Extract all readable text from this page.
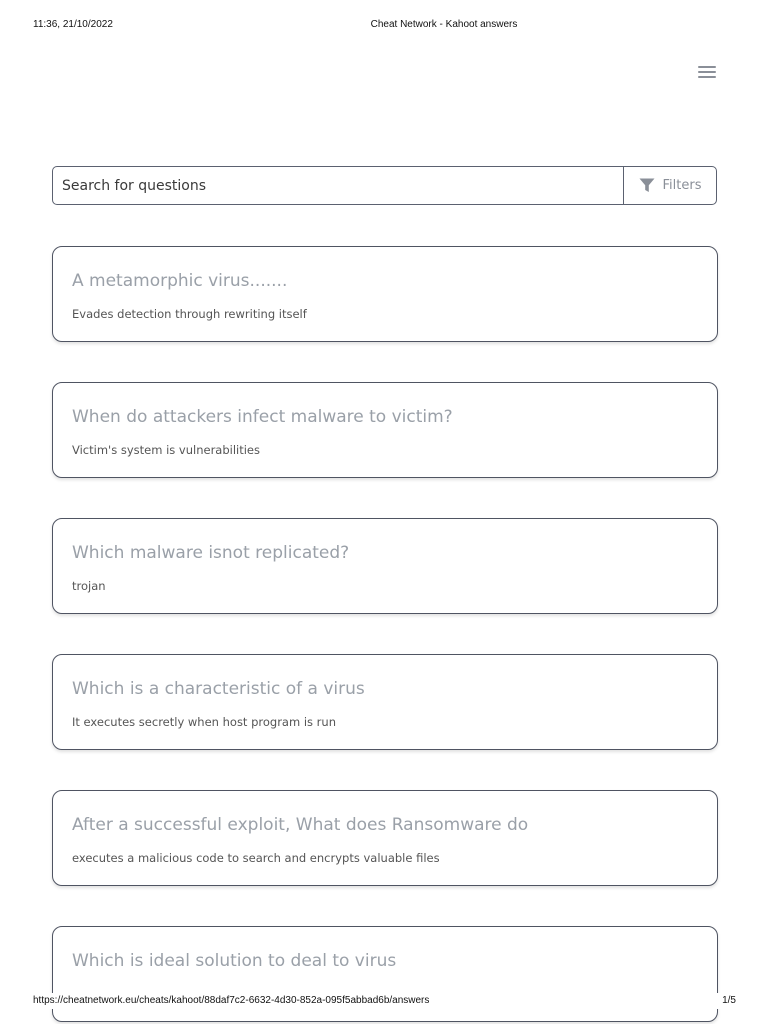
11:36, 21/10/2022	Cheat Network - Kahoot answers
Search for questions
Filters
A metamorphic virus.......
Evades detection through rewriting itself
When do attackers infect malware to victim?
Victim's system is vulnerabilities
Which malware isnot replicated?
trojan
Which is a characteristic of a virus
It executes secretly when host program is run
After a successful exploit, What does Ransomware do
executes a malicious code to search and encrypts valuable files
Which is ideal solution to deal to virus
https://cheatnetwork.eu/cheats/kahoot/88daf7c2-6632-4d30-852a-095f5abbad6b/answers	1/5
